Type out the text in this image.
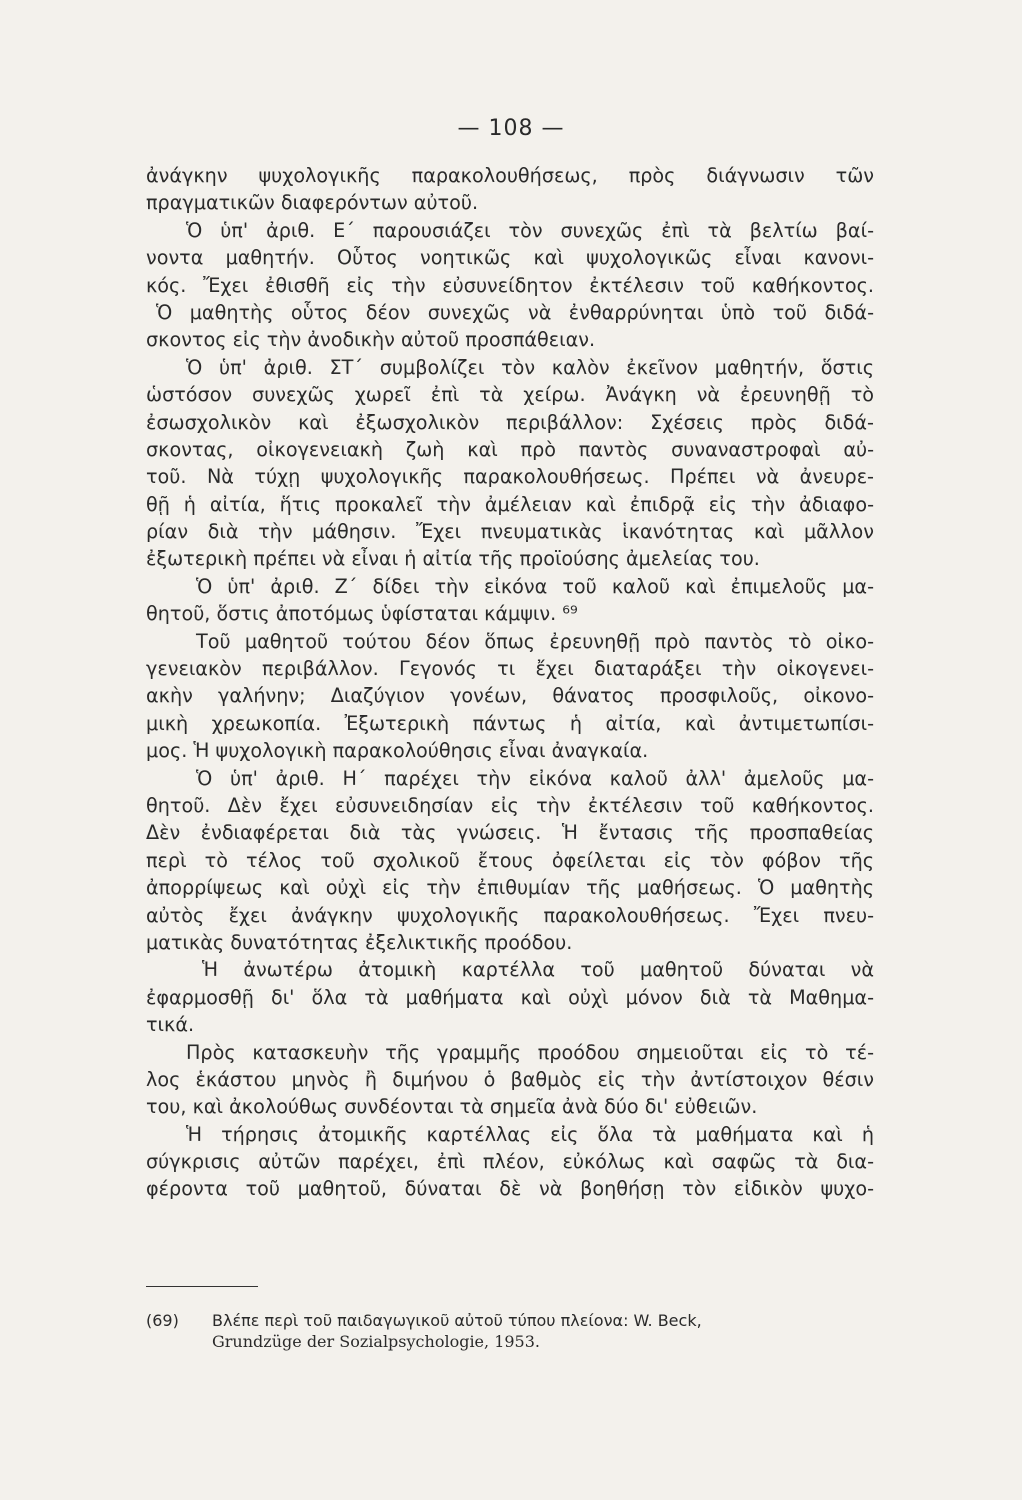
— 108 —
ἀνάγκην ψυχολογικῆς παρακολουθήσεως, πρὸς διάγνωσιν τῶν
πραγματικῶν διαφερόντων αὐτοῦ.
Ὁ ὑπ' ἀριθ. Ε΄ παρουσιάζει τὸν συνεχῶς ἐπὶ τὰ βελτίω βαί-
νοντα μαθητήν. Οὗτος νοητικῶς καὶ ψυχολογικῶς εἶναι κανονι-
κός. Ἔχει ἐθισθῆ εἰς τὴν εὐσυνείδητον ἐκτέλεσιν τοῦ καθήκοντος.
Ὁ μαθητὴς οὗτος δέον συνεχῶς νὰ ἐνθαρρύνηται ὑπὸ τοῦ διδά-
σκοντος εἰς τὴν ἀνοδικὴν αὐτοῦ προσπάθειαν.
Ὁ ὑπ' ἀριθ. ΣΤ΄ συμβολίζει τὸν καλὸν ἐκεῖνον μαθητήν, ὅστις
ὡστόσον συνεχῶς χωρεῖ ἐπὶ τὰ χείρω. Ἀνάγκη νὰ ἐρευνηθῇ τὸ
ἐσωσχολικὸν καὶ ἐξωσχολικὸν περιβάλλον: Σχέσεις πρὸς διδά-
σκοντας, οἰκογενειακὴ ζωὴ καὶ πρὸ παντὸς συναναστροφαὶ αὐ-
τοῦ. Νὰ τύχῃ ψυχολογικῆς παρακολουθήσεως. Πρέπει νὰ ἀνευρε-
θῇ ἡ αἰτία, ἥτις προκαλεῖ τὴν ἀμέλειαν καὶ ἐπιδρᾷ εἰς τὴν ἀδιαφο-
ρίαν διὰ τὴν μάθησιν. Ἔχει πνευματικὰς ἱκανότητας καὶ μᾶλλον
ἐξωτερικὴ πρέπει νὰ εἶναι ἡ αἰτία τῆς προϊούσης ἀμελείας του.
Ὁ ὑπ' ἀριθ. Ζ΄ δίδει τὴν εἰκόνα τοῦ καλοῦ καὶ ἐπιμελοῦς μα-
θητοῦ, ὅστις ἀποτόμως ὑφίσταται κάμψιν. ⁶⁹
Τοῦ μαθητοῦ τούτου δέον ὅπως ἐρευνηθῇ πρὸ παντὸς τὸ οἰκο-
γενειακὸν περιβάλλον. Γεγονός τι ἔχει διαταράξει τὴν οἰκογενει-
ακὴν γαλήνην; Διαζύγιον γονέων, θάνατος προσφιλοῦς, οἰκονο-
μικὴ χρεωκοπία. Ἐξωτερικὴ πάντως ἡ αἰτία, καὶ ἀντιμετωπίσι-
μος. Ἡ ψυχολογικὴ παρακολούθησις εἶναι ἀναγκαία.
Ὁ ὑπ' ἀριθ. Η΄ παρέχει τὴν εἰκόνα καλοῦ ἀλλ' ἀμελοῦς μα-
θητοῦ. Δὲν ἔχει εὐσυνειδησίαν εἰς τὴν ἐκτέλεσιν τοῦ καθήκοντος.
Δὲν ἐνδιαφέρεται διὰ τὰς γνώσεις. Ἡ ἔντασις τῆς προσπαθείας
περὶ τὸ τέλος τοῦ σχολικοῦ ἔτους ὀφείλεται εἰς τὸν φόβον τῆς
ἀπορρίψεως καὶ οὐχὶ εἰς τὴν ἐπιθυμίαν τῆς μαθήσεως. Ὁ μαθητὴς
αὐτὸς ἔχει ἀνάγκην ψυχολογικῆς παρακολουθήσεως. Ἔχει πνευ-
ματικὰς δυνατότητας ἐξελικτικῆς προόδου.
Ἡ ἀνωτέρω ἀτομικὴ καρτέλλα τοῦ μαθητοῦ δύναται νὰ
ἐφαρμοσθῇ δι' ὅλα τὰ μαθήματα καὶ οὐχὶ μόνον διὰ τὰ Μαθημα-
τικά.
Πρὸς κατασκευὴν τῆς γραμμῆς προόδου σημειοῦται εἰς τὸ τέ-
λος ἑκάστου μηνὸς ἢ διμήνου ὁ βαθμὸς εἰς τὴν ἀντίστοιχον θέσιν
του, καὶ ἀκολούθως συνδέονται τὰ σημεῖα ἀνὰ δύο δι' εὐθειῶν.
Ἡ τήρησις ἀτομικῆς καρτέλλας εἰς ὅλα τὰ μαθήματα καὶ ἡ
σύγκρισις αὐτῶν παρέχει, ἐπὶ πλέον, εὐκόλως καὶ σαφῶς τὰ δια-
φέροντα τοῦ μαθητοῦ, δύναται δὲ νὰ βοηθήσῃ τὸν εἰδικὸν ψυχο-
(69) Βλέπε περὶ τοῦ παιδαγωγικοῦ αὐτοῦ τύπου πλείονα: W. Beck,
Grundzüge der Sozialpsychologie, 1953.
